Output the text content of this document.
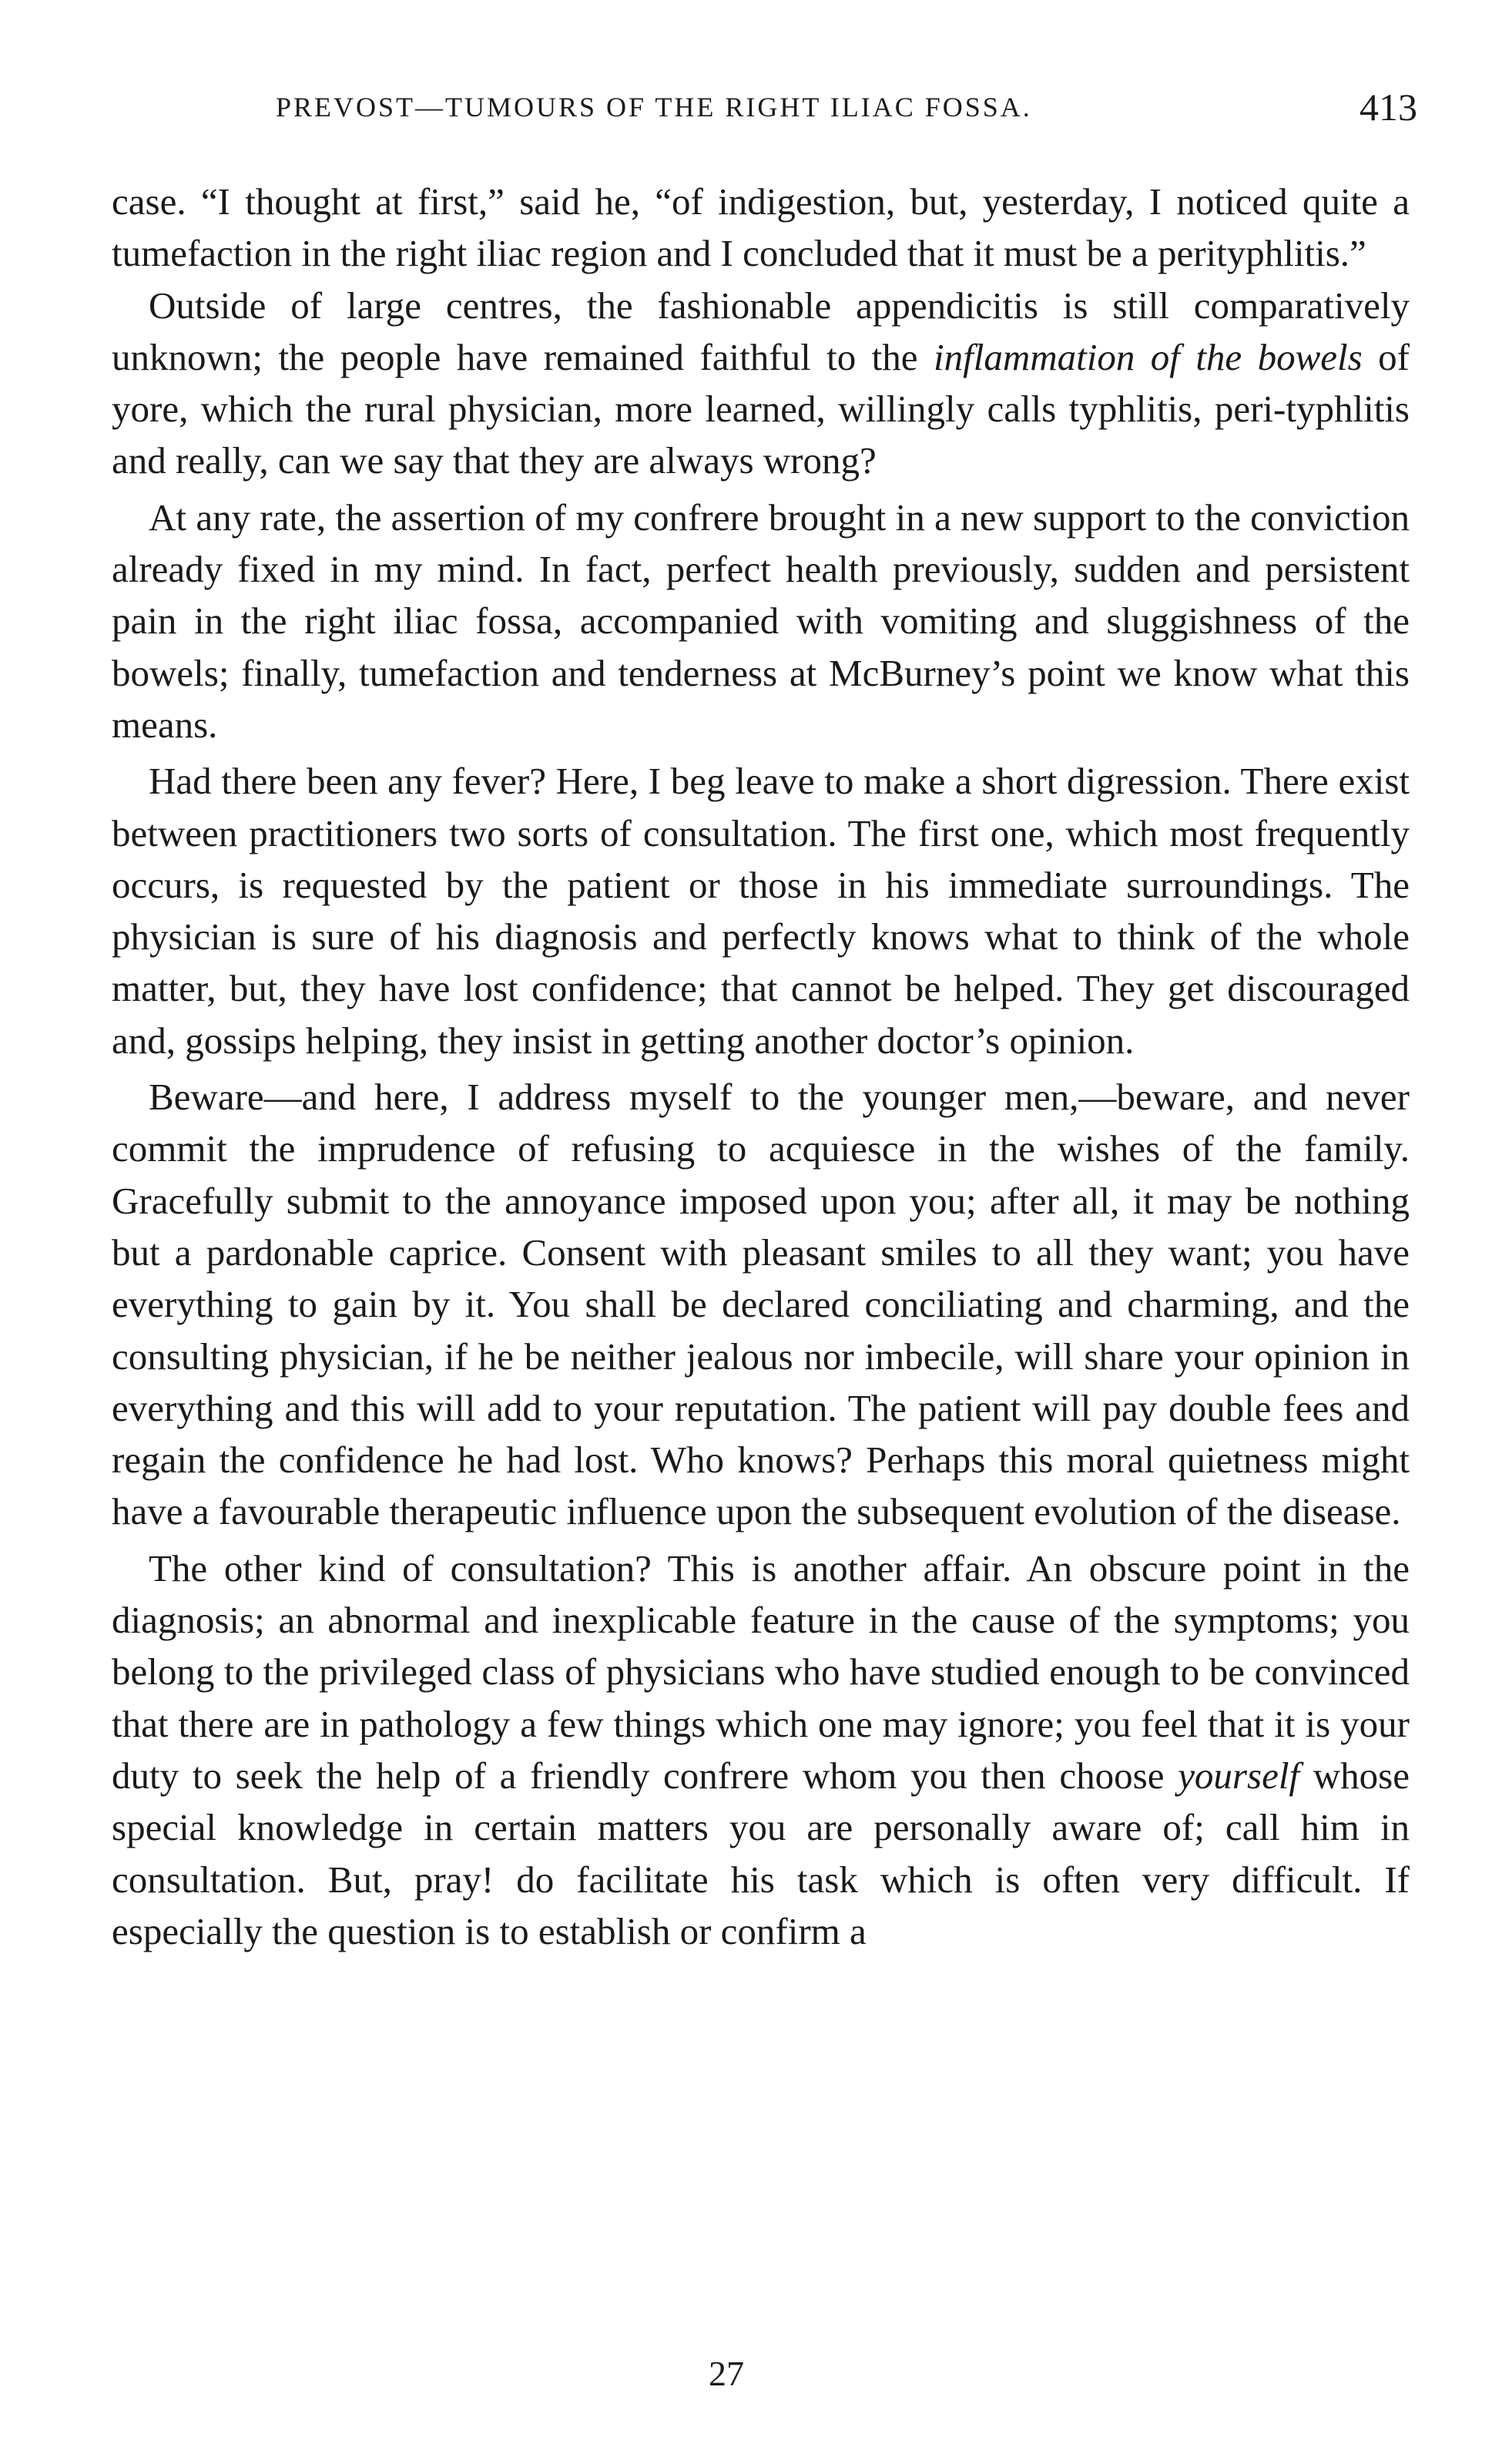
PREVOST—TUMOURS OF THE RIGHT ILIAC FOSSA.	413

case. “I thought at first,” said he, “of indigestion, but, yesterday, I noticed quite a tumefaction in the right iliac region and I concluded that it must be a perityphlitis.”

Outside of large centres, the fashionable appendicitis is still comparatively unknown; the people have remained faithful to the inflammation of the bowels of yore, which the rural physician, more learned, willingly calls typhlitis, peri-typhlitis and really, can we say that they are always wrong?

At any rate, the assertion of my confrere brought in a new support to the conviction already fixed in my mind. In fact, perfect health previously, sudden and persistent pain in the right iliac fossa, accompanied with vomiting and sluggishness of the bowels; finally, tumefaction and tenderness at McBurney’s point we know what this means.

Had there been any fever? Here, I beg leave to make a short digression. There exist between practitioners two sorts of consultation. The first one, which most frequently occurs, is requested by the patient or those in his immediate surroundings. The physician is sure of his diagnosis and perfectly knows what to think of the whole matter, but, they have lost confidence; that cannot be helped. They get discouraged and, gossips helping, they insist in getting another doctor’s opinion.

Beware—and here, I address myself to the younger men,—beware, and never commit the imprudence of refusing to acquiesce in the wishes of the family. Gracefully submit to the annoyance imposed upon you; after all, it may be nothing but a pardonable caprice. Consent with pleasant smiles to all they want; you have everything to gain by it. You shall be declared conciliating and charming, and the consulting physician, if he be neither jealous nor imbecile, will share your opinion in everything and this will add to your reputation. The patient will pay double fees and regain the confidence he had lost. Who knows? Perhaps this moral quietness might have a favourable therapeutic influence upon the subsequent evolution of the disease.

The other kind of consultation? This is another affair. An obscure point in the diagnosis; an abnormal and inexplicable feature in the cause of the symptoms; you belong to the privileged class of physicians who have studied enough to be convinced that there are in pathology a few things which one may ignore; you feel that it is your duty to seek the help of a friendly confrere whom you then choose yourself whose special knowledge in certain matters you are personally aware of; call him in consultation. But, pray! do facilitate his task which is often very difficult. If especially the question is to establish or confirm a

27
